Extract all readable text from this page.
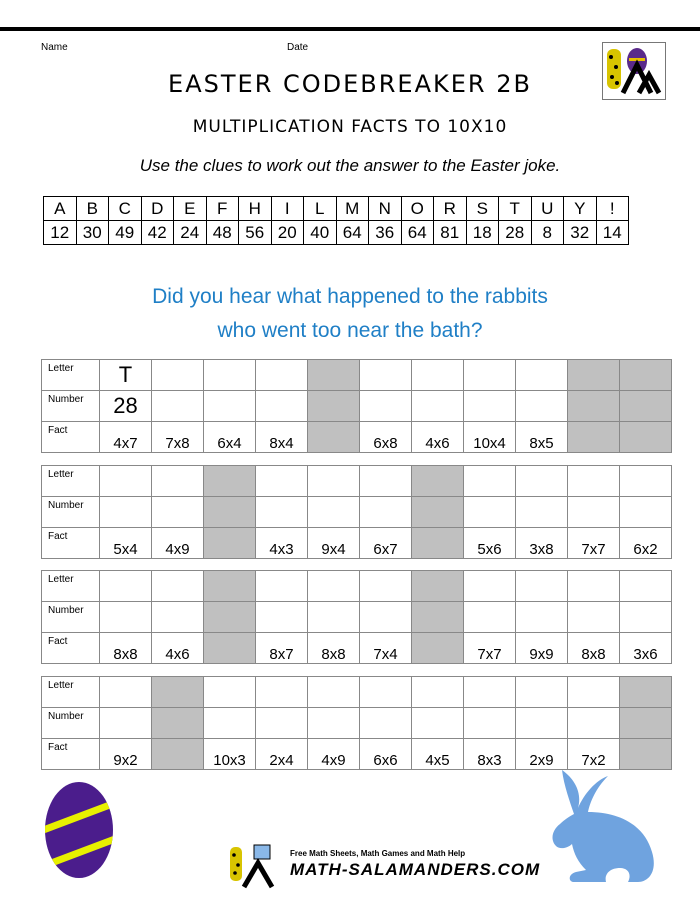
Name	Date
EASTER CODEBREAKER 2B
MULTIPLICATION FACTS TO 10X10
Use the clues to work out the answer to the Easter joke.
A	B	C	D	E	F	H	I	L	M	N	O	R	S	T	U	Y	!
12	30	49	42	24	48	56	20	40	64	36	64	81	18	28	8	32	14
Did you hear what happened to the rabbits
who went too near the bath?
Letter	T										
Number	28										
Fact	4x7	7x8	6x4	8x4		6x8	4x6	10x4	8x5		
Letter											
Number											
Fact	5x4	4x9		4x3	9x4	6x7		5x6	3x8	7x7	6x2
Letter											
Number											
Fact	8x8	4x6		8x7	8x8	7x4		7x7	9x9	8x8	3x6
Letter											
Number											
Fact	9x2		10x3	2x4	4x9	6x6	4x5	8x3	2x9	7x2	
Free Math Sheets, Math Games and Math Help
MATH-SALAMANDERS.COM
